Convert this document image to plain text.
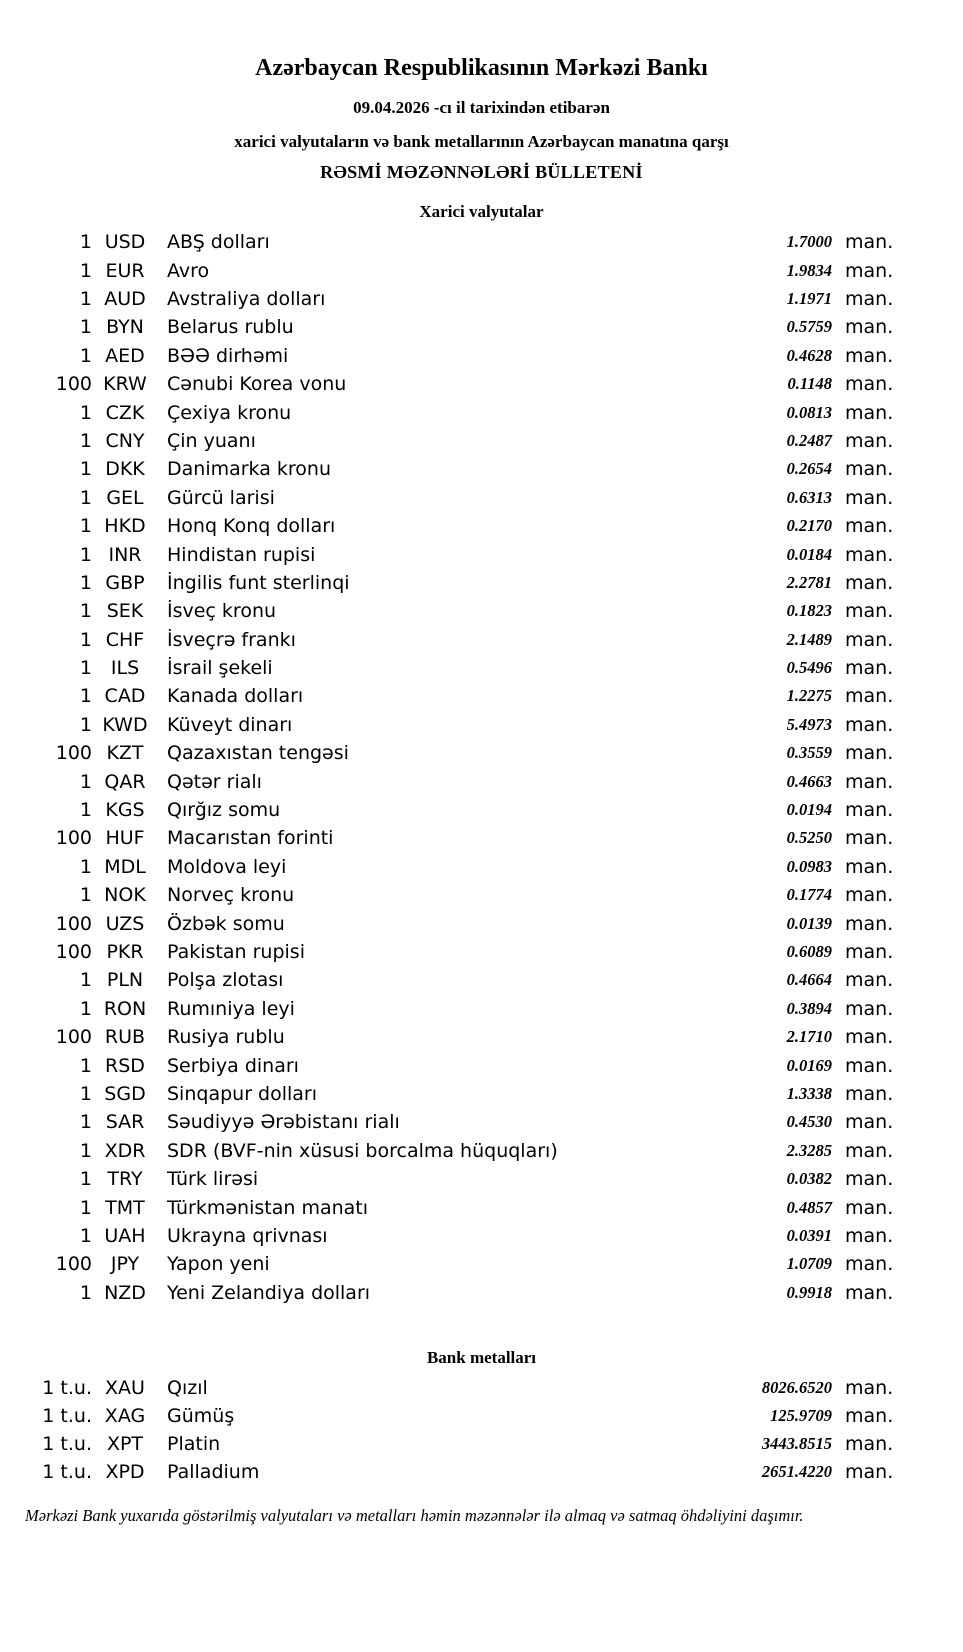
Azərbaycan Respublikasının Mərkəzi Bankı
09.04.2026 -cı il tarixindən etibarən
xarici valyutaların və bank metallarının Azərbaycan manatına qarşı
RƏSMİ MƏZƏNNƏLƏRİ BÜLLETENİ
Xarici valyutalar
1 USD	ABŞ dolları	1.7000 man.
1 EUR	Avro	1.9834 man.
1 AUD	Avstraliya dolları	1.1971 man.
1 BYN	Belarus rublu	0.5759 man.
1 AED	BƏƏ dirhəmi	0.4628 man.
100 KRW	Cənubi Korea vonu	0.1148 man.
1 CZK	Çexiya kronu	0.0813 man.
1 CNY	Çin yuanı	0.2487 man.
1 DKK	Danimarka kronu	0.2654 man.
1 GEL	Gürcü larisi	0.6313 man.
1 HKD	Honq Konq dolları	0.2170 man.
1 INR	Hindistan rupisi	0.0184 man.
1 GBP	İngilis funt sterlinqi	2.2781 man.
1 SEK	İsveç kronu	0.1823 man.
1 CHF	İsveçrə frankı	2.1489 man.
1 ILS	İsrail şekeli	0.5496 man.
1 CAD	Kanada dolları	1.2275 man.
1 KWD	Küveyt dinarı	5.4973 man.
100 KZT	Qazaxıstan tengəsi	0.3559 man.
1 QAR	Qətər rialı	0.4663 man.
1 KGS	Qırğız somu	0.0194 man.
100 HUF	Macarıstan forinti	0.5250 man.
1 MDL	Moldova leyi	0.0983 man.
1 NOK	Norveç kronu	0.1774 man.
100 UZS	Özbək somu	0.0139 man.
100 PKR	Pakistan rupisi	0.6089 man.
1 PLN	Polşa zlotası	0.4664 man.
1 RON	Rumıniya leyi	0.3894 man.
100 RUB	Rusiya rublu	2.1710 man.
1 RSD	Serbiya dinarı	0.0169 man.
1 SGD	Sinqapur dolları	1.3338 man.
1 SAR	Səudiyyə Ərəbistanı rialı	0.4530 man.
1 XDR	SDR (BVF-nin xüsusi borcalma hüquqları)	2.3285 man.
1 TRY	Türk lirəsi	0.0382 man.
1 TMT	Türkmənistan manatı	0.4857 man.
1 UAH	Ukrayna qrivnası	0.0391 man.
100 JPY	Yapon yeni	1.0709 man.
1 NZD	Yeni Zelandiya dolları	0.9918 man.
Bank metalları
1 t.u. XAU	Qızıl	8026.6520 man.
1 t.u. XAG	Gümüş	125.9709 man.
1 t.u. XPT	Platin	3443.8515 man.
1 t.u. XPD	Palladium	2651.4220 man.
Mərkəzi Bank yuxarıda göstərilmiş valyutaları və metalları həmin məzənnələr ilə almaq və satmaq öhdəliyini daşımır.
